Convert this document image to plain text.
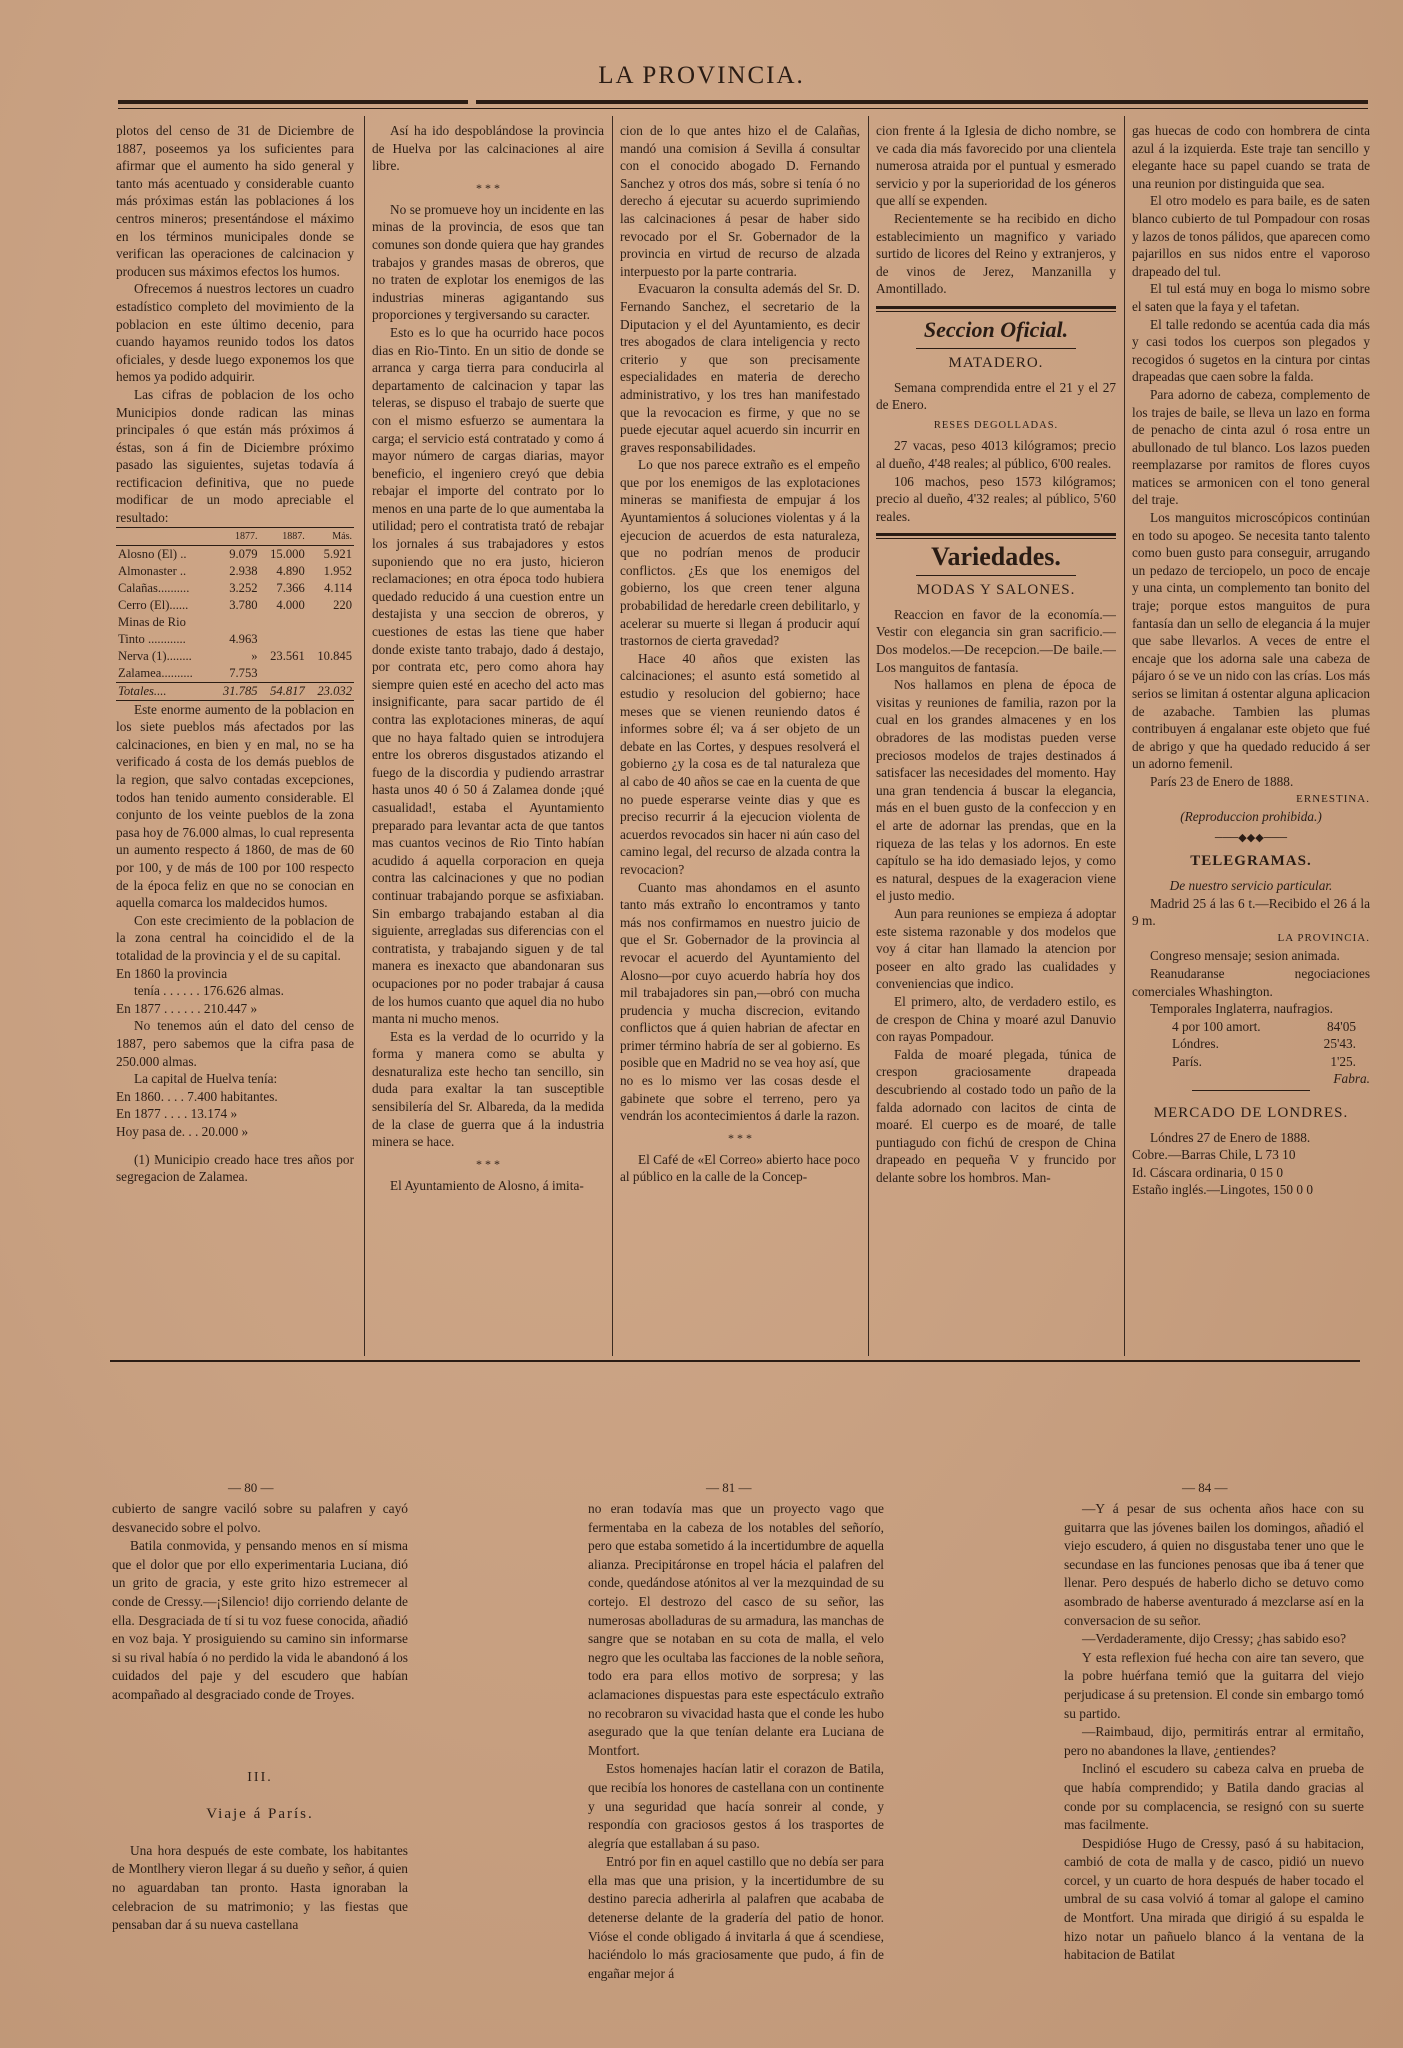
LA PROVINCIA.

plotos del censo de 31 de Diciembre de 1887, poseemos ya los suficientes para afirmar que el aumento ha sido general y tanto más acentuado y considerable cuanto más próximas están las poblaciones á los centros mineros; presentándose el máximo en los términos municipales donde se verifican las operaciones de calcinacion y producen sus máximos efectos los humos.

Ofrecemos á nuestros lectores un cuadro estadístico completo del movimiento de la poblacion en este último decenio, para cuando hayamos reunido todos los datos oficiales, y desde luego exponemos los que hemos ya podido adquirir.

Las cifras de poblacion de los ocho Municipios donde radican las minas principales ó que están más próximos á éstas, son á fin de Diciembre próximo pasado las siguientes, sujetas todavía á rectificacion definitiva, que no puede modificar de un modo apreciable el resultado:

	1877.	1887.	Más.
Alosno (El) ..	9.079	15.000	5.921
Almonaster ..	2.938	4.890	1.952
Calañas..........	3.252	7.366	4.114
Cerro (El)......	3.780	4.000	220
Minas de Rio			
Tinto ............	4.963		
Nerva (1)........	»	23.561	10.845
Zalamea..........	7.753		
Totales....	31.785	54.817	23.032

Este enorme aumento de la poblacion en los siete pueblos más afectados por las calcinaciones, en bien y en mal, no se ha verificado á costa de los demás pueblos de la region, que salvo contadas excepciones, todos han tenido aumento considerable. El conjunto de los veinte pueblos de la zona pasa hoy de 76.000 almas, lo cual representa un aumento respecto á 1860, de mas de 60 por 100, y de más de 100 por 100 respecto de la época feliz en que no se conocian en aquella comarca los maldecidos humos.

Con este crecimiento de la poblacion de la zona central ha coincidido el de la totalidad de la provincia y el de su capital.

En 1860 la provincia

tenía . . . . . . 176.626 almas.

En 1877 . . . . . . 210.447 »

No tenemos aún el dato del censo de 1887, pero sabemos que la cifra pasa de 250.000 almas.

La capital de Huelva tenía:

En 1860. . . . 7.400 habitantes.

En 1877 . . . . 13.174 »

Hoy pasa de. . . 20.000 »

(1) Municipio creado hace tres años por segregacion de Zalamea.

Así ha ido despoblándose la provincia de Huelva por las calcinaciones al aire libre.

* * *

No se promueve hoy un incidente en las minas de la provincia, de esos que tan comunes son donde quiera que hay grandes trabajos y grandes masas de obreros, que no traten de explotar los enemigos de las industrias mineras agigantando sus proporciones y tergiversando su caracter.

Esto es lo que ha ocurrido hace pocos dias en Rio-Tinto. En un sitio de donde se arranca y carga tierra para conducirla al departamento de calcinacion y tapar las teleras, se dispuso el trabajo de suerte que con el mismo esfuerzo se aumentara la carga; el servicio está contratado y como á mayor número de cargas diarias, mayor beneficio, el ingeniero creyó que debia rebajar el importe del contrato por lo menos en una parte de lo que aumentaba la utilidad; pero el contratista trató de rebajar los jornales á sus trabajadores y estos suponiendo que no era justo, hicieron reclamaciones; en otra época todo hubiera quedado reducido á una cuestion entre un destajista y una seccion de obreros, y cuestiones de estas las tiene que haber donde existe tanto trabajo, dado á destajo, por contrata etc, pero como ahora hay siempre quien esté en acecho del acto mas insignificante, para sacar partido de él contra las explotaciones mineras, de aquí que no haya faltado quien se introdujera entre los obreros disgustados atizando el fuego de la discordia y pudiendo arrastrar hasta unos 40 ó 50 á Zalamea donde ¡qué casualidad!, estaba el Ayuntamiento preparado para levantar acta de que tantos mas cuantos vecinos de Rio Tinto habían acudido á aquella corporacion en queja contra las calcinaciones y que no podian continuar trabajando porque se asfixiaban. Sin embargo trabajando estaban al dia siguiente, arregladas sus diferencias con el contratista, y trabajando siguen y de tal manera es inexacto que abandonaran sus ocupaciones por no poder trabajar á causa de los humos cuanto que aquel dia no hubo manta ni mucho menos.

Esta es la verdad de lo ocurrido y la forma y manera como se abulta y desnaturaliza este hecho tan sencillo, sin duda para exaltar la tan susceptible sensibilería del Sr. Albareda, da la medida de la clase de guerra que á la industria minera se hace.

* * *

El Ayuntamiento de Alosno, á imita-

cion de lo que antes hizo el de Calañas, mandó una comision á Sevilla á consultar con el conocido abogado D. Fernando Sanchez y otros dos más, sobre si tenía ó no derecho á ejecutar su acuerdo suprimiendo las calcinaciones á pesar de haber sido revocado por el Sr. Gobernador de la provincia en virtud de recurso de alzada interpuesto por la parte contraria.

Evacuaron la consulta además del Sr. D. Fernando Sanchez, el secretario de la Diputacion y el del Ayuntamiento, es decir tres abogados de clara inteligencia y recto criterio y que son precisamente especialidades en materia de derecho administrativo, y los tres han manifestado que la revocacion es firme, y que no se puede ejecutar aquel acuerdo sin incurrir en graves responsabilidades.

Lo que nos parece extraño es el empeño que por los enemigos de las explotaciones mineras se manifiesta de empujar á los Ayuntamientos á soluciones violentas y á la ejecucion de acuerdos de esta naturaleza, que no podrían menos de producir conflictos. ¿Es que los enemigos del gobierno, los que creen tener alguna probabilidad de heredarle creen debilitarlo, y acelerar su muerte si llegan á producir aquí trastornos de cierta gravedad?

Hace 40 años que existen las calcinaciones; el asunto está sometido al estudio y resolucion del gobierno; hace meses que se vienen reuniendo datos é informes sobre él; va á ser objeto de un debate en las Cortes, y despues resolverá el gobierno ¿y la cosa es de tal naturaleza que al cabo de 40 años se cae en la cuenta de que no puede esperarse veinte dias y que es preciso recurrir á la ejecucion violenta de acuerdos revocados sin hacer ni aún caso del camino legal, del recurso de alzada contra la revocacion?

Cuanto mas ahondamos en el asunto tanto más extraño lo encontramos y tanto más nos confirmamos en nuestro juicio de que el Sr. Gobernador de la provincia al revocar el acuerdo del Ayuntamiento del Alosno—por cuyo acuerdo habría hoy dos mil trabajadores sin pan,—obró con mucha prudencia y mucha discrecion, evitando conflictos que á quien habrian de afectar en primer término habría de ser al gobierno. Es posible que en Madrid no se vea hoy así, que no es lo mismo ver las cosas desde el gabinete que sobre el terreno, pero ya vendrán los acontecimientos á darle la razon.

* * *

El Café de «El Correo» abierto hace poco al público en la calle de la Concep-

cion frente á la Iglesia de dicho nombre, se ve cada dia más favorecido por una clientela numerosa atraida por el puntual y esmerado servicio y por la superioridad de los géneros que allí se expenden.

Recientemente se ha recibido en dicho establecimiento un magnifico y variado surtido de licores del Reino y extranjeros, y de vinos de Jerez, Manzanilla y Amontillado.

Seccion Oficial.
MATADERO.

Semana comprendida entre el 21 y el 27 de Enero.

RESES DEGOLLADAS.

27 vacas, peso 4013 kilógramos; precio al dueño, 4'48 reales; al público, 6'00 reales.

106 machos, peso 1573 kilógramos; precio al dueño, 4'32 reales; al público, 5'60 reales.

Variedades.
MODAS Y SALONES.

Reaccion en favor de la economía.—Vestir con elegancia sin gran sacrificio.—Dos modelos.—De recepcion.—De baile.—Los manguitos de fantasía.

Nos hallamos en plena de época de visitas y reuniones de familia, razon por la cual en los grandes almacenes y en los obradores de las modistas pueden verse preciosos modelos de trajes destinados á satisfacer las necesidades del momento. Hay una gran tendencia á buscar la elegancia, más en el buen gusto de la confeccion y en el arte de adornar las prendas, que en la riqueza de las telas y los adornos. En este capítulo se ha ido demasiado lejos, y como es natural, despues de la exageracion viene el justo medio.

Aun para reuniones se empieza á adoptar este sistema razonable y dos modelos que voy á citar han llamado la atencion por poseer en alto grado las cualidades y conveniencias que indico.

El primero, alto, de verdadero estilo, es de crespon de China y moaré azul Danuvio con rayas Pompadour.

Falda de moaré plegada, túnica de crespon graciosamente drapeada descubriendo al costado todo un paño de la falda adornado con lacitos de cinta de moaré. El cuerpo es de moaré, de talle puntiagudo con fichú de crespon de China drapeado en pequeña V y fruncido por delante sobre los hombros. Man-

gas huecas de codo con hombrera de cinta azul á la izquierda. Este traje tan sencillo y elegante hace su papel cuando se trata de una reunion por distinguida que sea.

El otro modelo es para baile, es de saten blanco cubierto de tul Pompadour con rosas y lazos de tonos pálidos, que aparecen como pajarillos en sus nidos entre el vaporoso drapeado del tul.

El tul está muy en boga lo mismo sobre el saten que la faya y el tafetan.

El talle redondo se acentúa cada dia más y casi todos los cuerpos son plegados y recogidos ó sugetos en la cintura por cintas drapeadas que caen sobre la falda.

Para adorno de cabeza, complemento de los trajes de baile, se lleva un lazo en forma de penacho de cinta azul ó rosa entre un abullonado de tul blanco. Los lazos pueden reemplazarse por ramitos de flores cuyos matices se armonicen con el tono general del traje.

Los manguitos microscópicos continúan en todo su apogeo. Se necesita tanto talento como buen gusto para conseguir, arrugando un pedazo de terciopelo, un poco de encaje y una cinta, un complemento tan bonito del traje; porque estos manguitos de pura fantasía dan un sello de elegancia á la mujer que sabe llevarlos. A veces de entre el encaje que los adorna sale una cabeza de pájaro ó se ve un nido con las crías. Los más serios se limitan á ostentar alguna aplicacion de azabache. Tambien las plumas contribuyen á engalanar este objeto que fué de abrigo y que ha quedado reducido á ser un adorno femenil.

París 23 de Enero de 1888.

ERNESTINA.

(Reproduccion prohibida.)

───◆◆◆───
TELEGRAMAS.

De nuestro servicio particular.

Madrid 25 á las 6 t.—Recibido el 26 á la 9 m.

LA PROVINCIA.

Congreso mensaje; sesion animada.

Reanudaranse negociaciones comerciales Whashington.

Temporales Inglaterra, naufragios.

4 por 100 amort.	84'05
Lóndres.	25'43.
París.	1'25.

Fabra.

MERCADO DE LONDRES.

Lóndres 27 de Enero de 1888.

Cobre.—Barras Chile, L 73 10

Id. Cáscara ordinaria, 0 15 0

Estaño inglés.—Lingotes, 150 0 0

— 80 —	— 81 —	— 84 —

cubierto de sangre vaciló sobre su palafren y cayó desvanecido sobre el polvo.

Batila conmovida, y pensando menos en sí misma que el dolor que por ello experimentaria Luciana, dió un grito de gracia, y este grito hizo estremecer al conde de Cressy.—¡Silencio! dijo corriendo delante de ella. Desgraciada de tí si tu voz fuese conocida, añadió en voz baja. Y prosiguiendo su camino sin informarse si su rival había ó no perdido la vida le abandonó á los cuidados del paje y del escudero que habían acompañado al desgraciado conde de Troyes.

III.
Viaje á París.

Una hora después de este combate, los habitantes de Montlhery vieron llegar á su dueño y señor, á quien no aguardaban tan pronto. Hasta ignoraban la celebracion de su matrimonio; y las fiestas que pensaban dar á su nueva castellana

no eran todavía mas que un proyecto vago que fermentaba en la cabeza de los notables del señorío, pero que estaba sometido á la incertidumbre de aquella alianza. Precipitáronse en tropel hácia el palafren del conde, quedándose atónitos al ver la mezquindad de su cortejo. El destrozo del casco de su señor, las numerosas abolladuras de su armadura, las manchas de sangre que se notaban en su cota de malla, el velo negro que les ocultaba las facciones de la noble señora, todo era para ellos motivo de sorpresa; y las aclamaciones dispuestas para este espectáculo extraño no recobraron su vivacidad hasta que el conde les hubo asegurado que la que tenían delante era Luciana de Montfort.

Estos homenajes hacían latir el corazon de Batila, que recibía los honores de castellana con un continente y una seguridad que hacía sonreir al conde, y respondía con graciosos gestos á los trasportes de alegría que estallaban á su paso.

Entró por fin en aquel castillo que no debía ser para ella mas que una prision, y la incertidumbre de su destino parecia adherirla al palafren que acababa de detenerse delante de la gradería del patio de honor. Vióse el conde obligado á invitarla á que á scendiese, haciéndolo lo más graciosamente que pudo, á fin de engañar mejor á

—Y á pesar de sus ochenta años hace con su guitarra que las jóvenes bailen los domingos, añadió el viejo escudero, á quien no disgustaba tener uno que le secundase en las funciones penosas que iba á tener que llenar. Pero después de haberlo dicho se detuvo como asombrado de haberse aventurado á mezclarse así en la conversacion de su señor.

—Verdaderamente, dijo Cressy; ¿has sabido eso?

Y esta reflexion fué hecha con aire tan severo, que la pobre huérfana temió que la guitarra del viejo perjudicase á su pretension. El conde sin embargo tomó su partido.

—Raimbaud, dijo, permitirás entrar al ermitaño, pero no abandones la llave, ¿entiendes?

Inclinó el escudero su cabeza calva en prueba de que había comprendido; y Batila dando gracias al conde por su complacencia, se resignó con su suerte mas facilmente.

Despidióse Hugo de Cressy, pasó á su habitacion, cambió de cota de malla y de casco, pidió un nuevo corcel, y un cuarto de hora después de haber tocado el umbral de su casa volvió á tomar al galope el camino de Montfort. Una mirada que dirigió á su espalda le hizo notar un pañuelo blanco á la ventana de la habitacion de Batilat
